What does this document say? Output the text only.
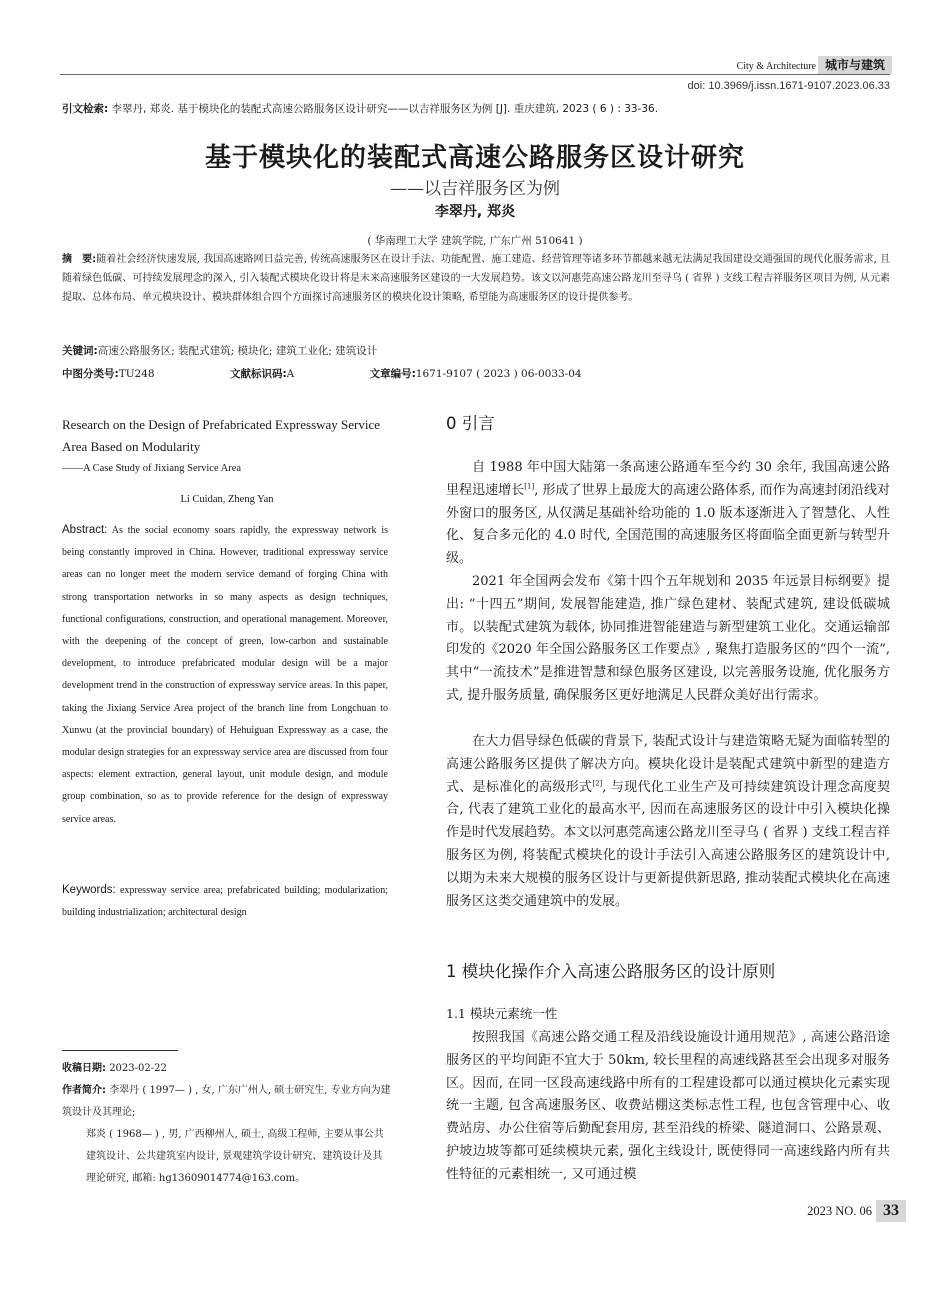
City & Architecture 城市与建筑
doi: 10.3969/j.issn.1671-9107.2023.06.33
引文检索: 李翠丹, 郑炎. 基于模块化的装配式高速公路服务区设计研究——以吉祥服务区为例 [J]. 重庆建筑, 2023 ( 6 ) : 33-36.
基于模块化的装配式高速公路服务区设计研究
——以吉祥服务区为例
李翠丹, 郑炎
( 华南理工大学 建筑学院, 广东广州 510641 )
摘　要:随着社会经济快速发展, 我国高速路网日益完善, 传统高速服务区在设计手法、功能配置、施工建造、经营管理等诸多环节都越来越无法满足我国建设交通强国的现代化服务需求, 且随着绿色低碳、可持续发展理念的深入, 引入装配式模块化设计将是未来高速服务区建设的一大发展趋势。该文以河惠莞高速公路龙川至寻乌 ( 省界 ) 支线工程吉祥服务区项目为例, 从元素提取、总体布局、单元模块设计、模块群体组合四个方面探讨高速服务区的模块化设计策略, 希望能为高速服务区的设计提供参考。
关键词:高速公路服务区; 装配式建筑; 模块化; 建筑工业化; 建筑设计
中图分类号:TU248	文献标识码:A	文章编号:1671-9107 ( 2023 ) 06-0033-04
Research on the Design of Prefabricated Expressway Service Area Based on Modularity
——A Case Study of Jixiang Service Area
Li Cuidan, Zheng Yan
Abstract: As the social economy soars rapidly, the expressway network is being constantly improved in China. However, traditional expressway service areas can no longer meet the modern service demand of forging China with strong transportation networks in so many aspects as design techniques, functional configurations, construction, and operational management. Moreover, with the deepening of the concept of green, low-carbon and sustainable development, to introduce prefabricated modular design will be a major development trend in the construction of expressway service areas. In this paper, taking the Jixiang Service Area project of the branch line from Longchuan to Xunwu (at the provincial boundary) of Hehuiguan Expressway as a case, the modular design strategies for an expressway service area are discussed from four aspects: element extraction, general layout, unit module design, and module group combination, so as to provide reference for the design of expressway service areas.
Keywords: expressway service area; prefabricated building; modularization; building industrialization; architectural design
收稿日期: 2023-02-22
作者简介: 李翠丹 ( 1997— ) , 女, 广东广州人, 硕士研究生, 专业方向为建筑设计及其理论;
郑炎 ( 1968— ) , 男, 广西柳州人, 硕士, 高级工程师, 主要从事公共建筑设计、公共建筑室内设计, 景观建筑学设计研究、建筑设计及其理论研究, 邮箱: hg13609014774@163.com。
0 引言
自 1988 年中国大陆第一条高速公路通车至今约 30 余年, 我国高速公路里程迅速增长[1], 形成了世界上最庞大的高速公路体系, 而作为高速封闭沿线对外窗口的服务区, 从仅满足基础补给功能的 1.0 版本逐渐进入了智慧化、人性化、复合多元化的 4.0 时代, 全国范围的高速服务区将面临全面更新与转型升级。
2021 年全国两会发布《第十四个五年规划和 2035 年远景目标纲要》提出: “十四五”期间, 发展智能建造, 推广绿色建材、装配式建筑, 建设低碳城市。以装配式建筑为载体, 协同推进智能建造与新型建筑工业化。交通运输部印发的《2020 年全国公路服务区工作要点》, 聚焦打造服务区的“四个一流”, 其中“一流技术”是推进智慧和绿色服务区建设, 以完善服务设施, 优化服务方式, 提升服务质量, 确保服务区更好地满足人民群众美好出行需求。
在大力倡导绿色低碳的背景下, 装配式设计与建造策略无疑为面临转型的高速公路服务区提供了解决方向。模块化设计是装配式建筑中新型的建造方式、是标准化的高级形式[2], 与现代化工业生产及可持续建筑设计理念高度契合, 代表了建筑工业化的最高水平, 因而在高速服务区的设计中引入模块化操作是时代发展趋势。本文以河惠莞高速公路龙川至寻乌 ( 省界 ) 支线工程吉祥服务区为例, 将装配式模块化的设计手法引入高速公路服务区的建筑设计中, 以期为未来大规模的服务区设计与更新提供新思路, 推动装配式模块化在高速服务区这类交通建筑中的发展。
1 模块化操作介入高速公路服务区的设计原则
1.1 模块元素统一性
按照我国《高速公路交通工程及沿线设施设计通用规范》, 高速公路沿途服务区的平均间距不宜大于 50km, 较长里程的高速线路甚至会出现多对服务区。因而, 在同一区段高速线路中所有的工程建设都可以通过模块化元素实现统一主题, 包含高速服务区、收费站棚这类标志性工程, 也包含管理中心、收费站房、办公住宿等后勤配套用房, 甚至沿线的桥梁、隧道洞口、公路景观、护坡边坡等都可延续模块元素, 强化主线设计, 既使得同一高速线路内所有共性特征的元素相统一, 又可通过模
2023 NO. 06 33
